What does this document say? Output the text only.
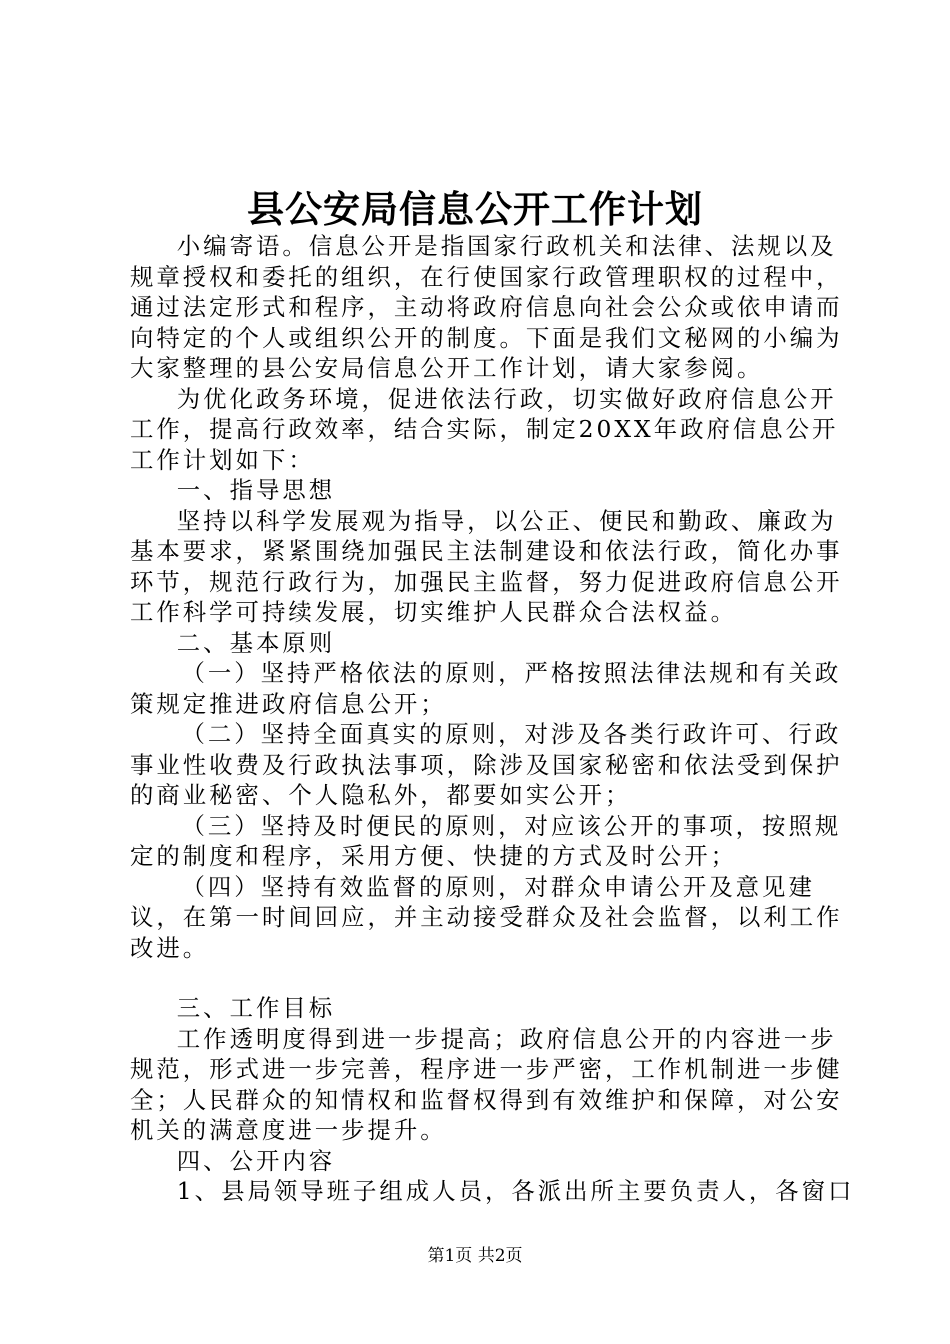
县公安局信息公开工作计划

小编寄语。信息公开是指国家行政机关和法律、法规以及规章授权和委托的组织，在行使国家行政管理职权的过程中，通过法定形式和程序，主动将政府信息向社会公众或依申请而向特定的个人或组织公开的制度。下面是我们文秘网的小编为大家整理的县公安局信息公开工作计划，请大家参阅。

为优化政务环境，促进依法行政，切实做好政府信息公开工作，提高行政效率，结合实际，制定20XX年政府信息公开工作计划如下：

一、指导思想

坚持以科学发展观为指导，以公正、便民和勤政、廉政为基本要求，紧紧围绕加强民主法制建设和依法行政，简化办事环节，规范行政行为，加强民主监督，努力促进政府信息公开工作科学可持续发展，切实维护人民群众合法权益。

二、基本原则

（一）坚持严格依法的原则，严格按照法律法规和有关政策规定推进政府信息公开；

（二）坚持全面真实的原则，对涉及各类行政许可、行政事业性收费及行政执法事项，除涉及国家秘密和依法受到保护的商业秘密、个人隐私外，都要如实公开；

（三）坚持及时便民的原则，对应该公开的事项，按照规定的制度和程序，采用方便、快捷的方式及时公开；

（四）坚持有效监督的原则，对群众申请公开及意见建议，在第一时间回应，并主动接受群众及社会监督，以利工作改进。

三、工作目标

工作透明度得到进一步提高；政府信息公开的内容进一步规范，形式进一步完善，程序进一步严密，工作机制进一步健全；人民群众的知情权和监督权得到有效维护和保障，对公安机关的满意度进一步提升。

四、公开内容

1、县局领导班子组成人员，各派出所主要负责人，各窗口

第1页 共2页
